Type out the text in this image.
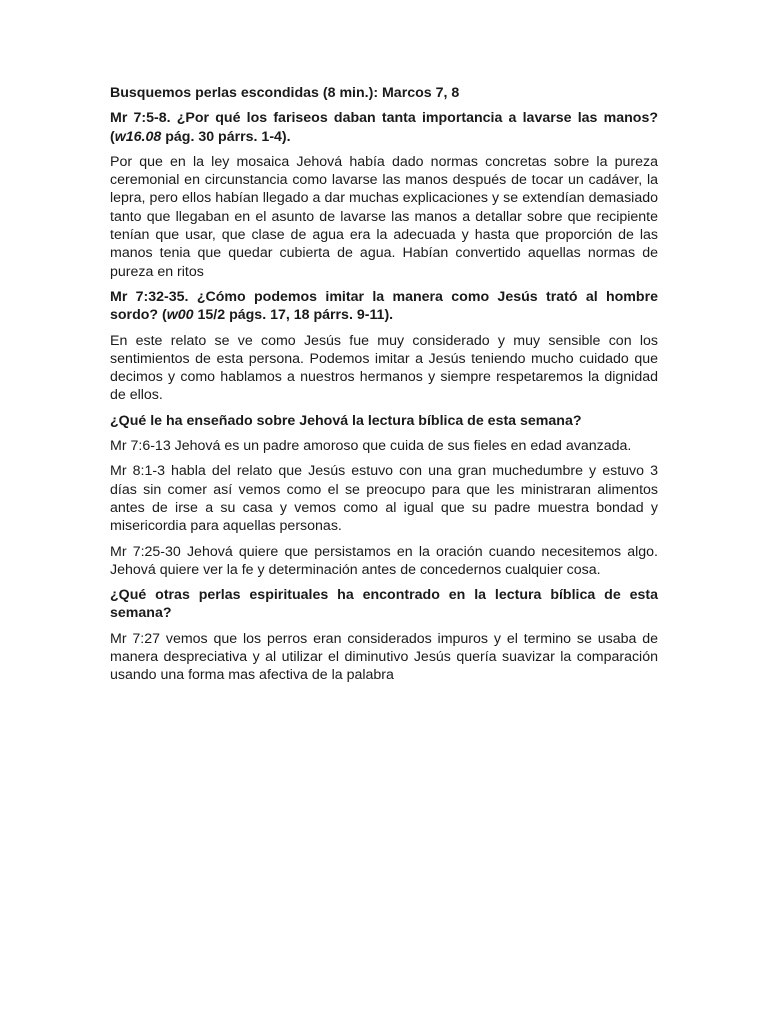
Busquemos perlas escondidas (8 min.): Marcos 7, 8

Mr 7:5-8. ¿Por qué los fariseos daban tanta importancia a lavarse las manos? (w16.08 pág. 30 párrs. 1-4).

Por que en la ley mosaica Jehová había dado normas concretas sobre la pureza ceremonial en circunstancia como lavarse las manos después de tocar un cadáver, la lepra, pero ellos habían llegado a dar muchas explicaciones y se extendían demasiado tanto que llegaban en el asunto de lavarse las manos a detallar sobre que recipiente tenían que usar, que clase de agua era la adecuada y hasta que proporción de las manos tenia que quedar cubierta de agua. Habían convertido aquellas normas de pureza en ritos

Mr 7:32-35. ¿Cómo podemos imitar la manera como Jesús trató al hombre sordo? (w00 15/2 págs. 17, 18 párrs. 9-11).

En este relato se ve como Jesús fue muy considerado y muy sensible con los sentimientos de esta persona. Podemos imitar a Jesús teniendo mucho cuidado que decimos y como hablamos a nuestros hermanos y siempre respetaremos la dignidad de ellos.

¿Qué le ha enseñado sobre Jehová la lectura bíblica de esta semana?

Mr 7:6-13 Jehová es un padre amoroso que cuida de sus fieles en edad avanzada.

Mr 8:1-3 habla del relato que Jesús estuvo con una gran muchedumbre y estuvo 3 días sin comer así vemos como el se preocupo para que les ministraran alimentos antes de irse a su casa y vemos como al igual que su padre muestra bondad y misericordia para aquellas personas.

Mr 7:25-30 Jehová quiere que persistamos en la oración cuando necesitemos algo. Jehová quiere ver la fe y determinación antes de concedernos cualquier cosa.

¿Qué otras perlas espirituales ha encontrado en la lectura bíblica de esta semana?

Mr 7:27 vemos que los perros eran considerados impuros y el termino se usaba de manera despreciativa y al utilizar el diminutivo Jesús quería suavizar la comparación usando una forma mas afectiva de la palabra
